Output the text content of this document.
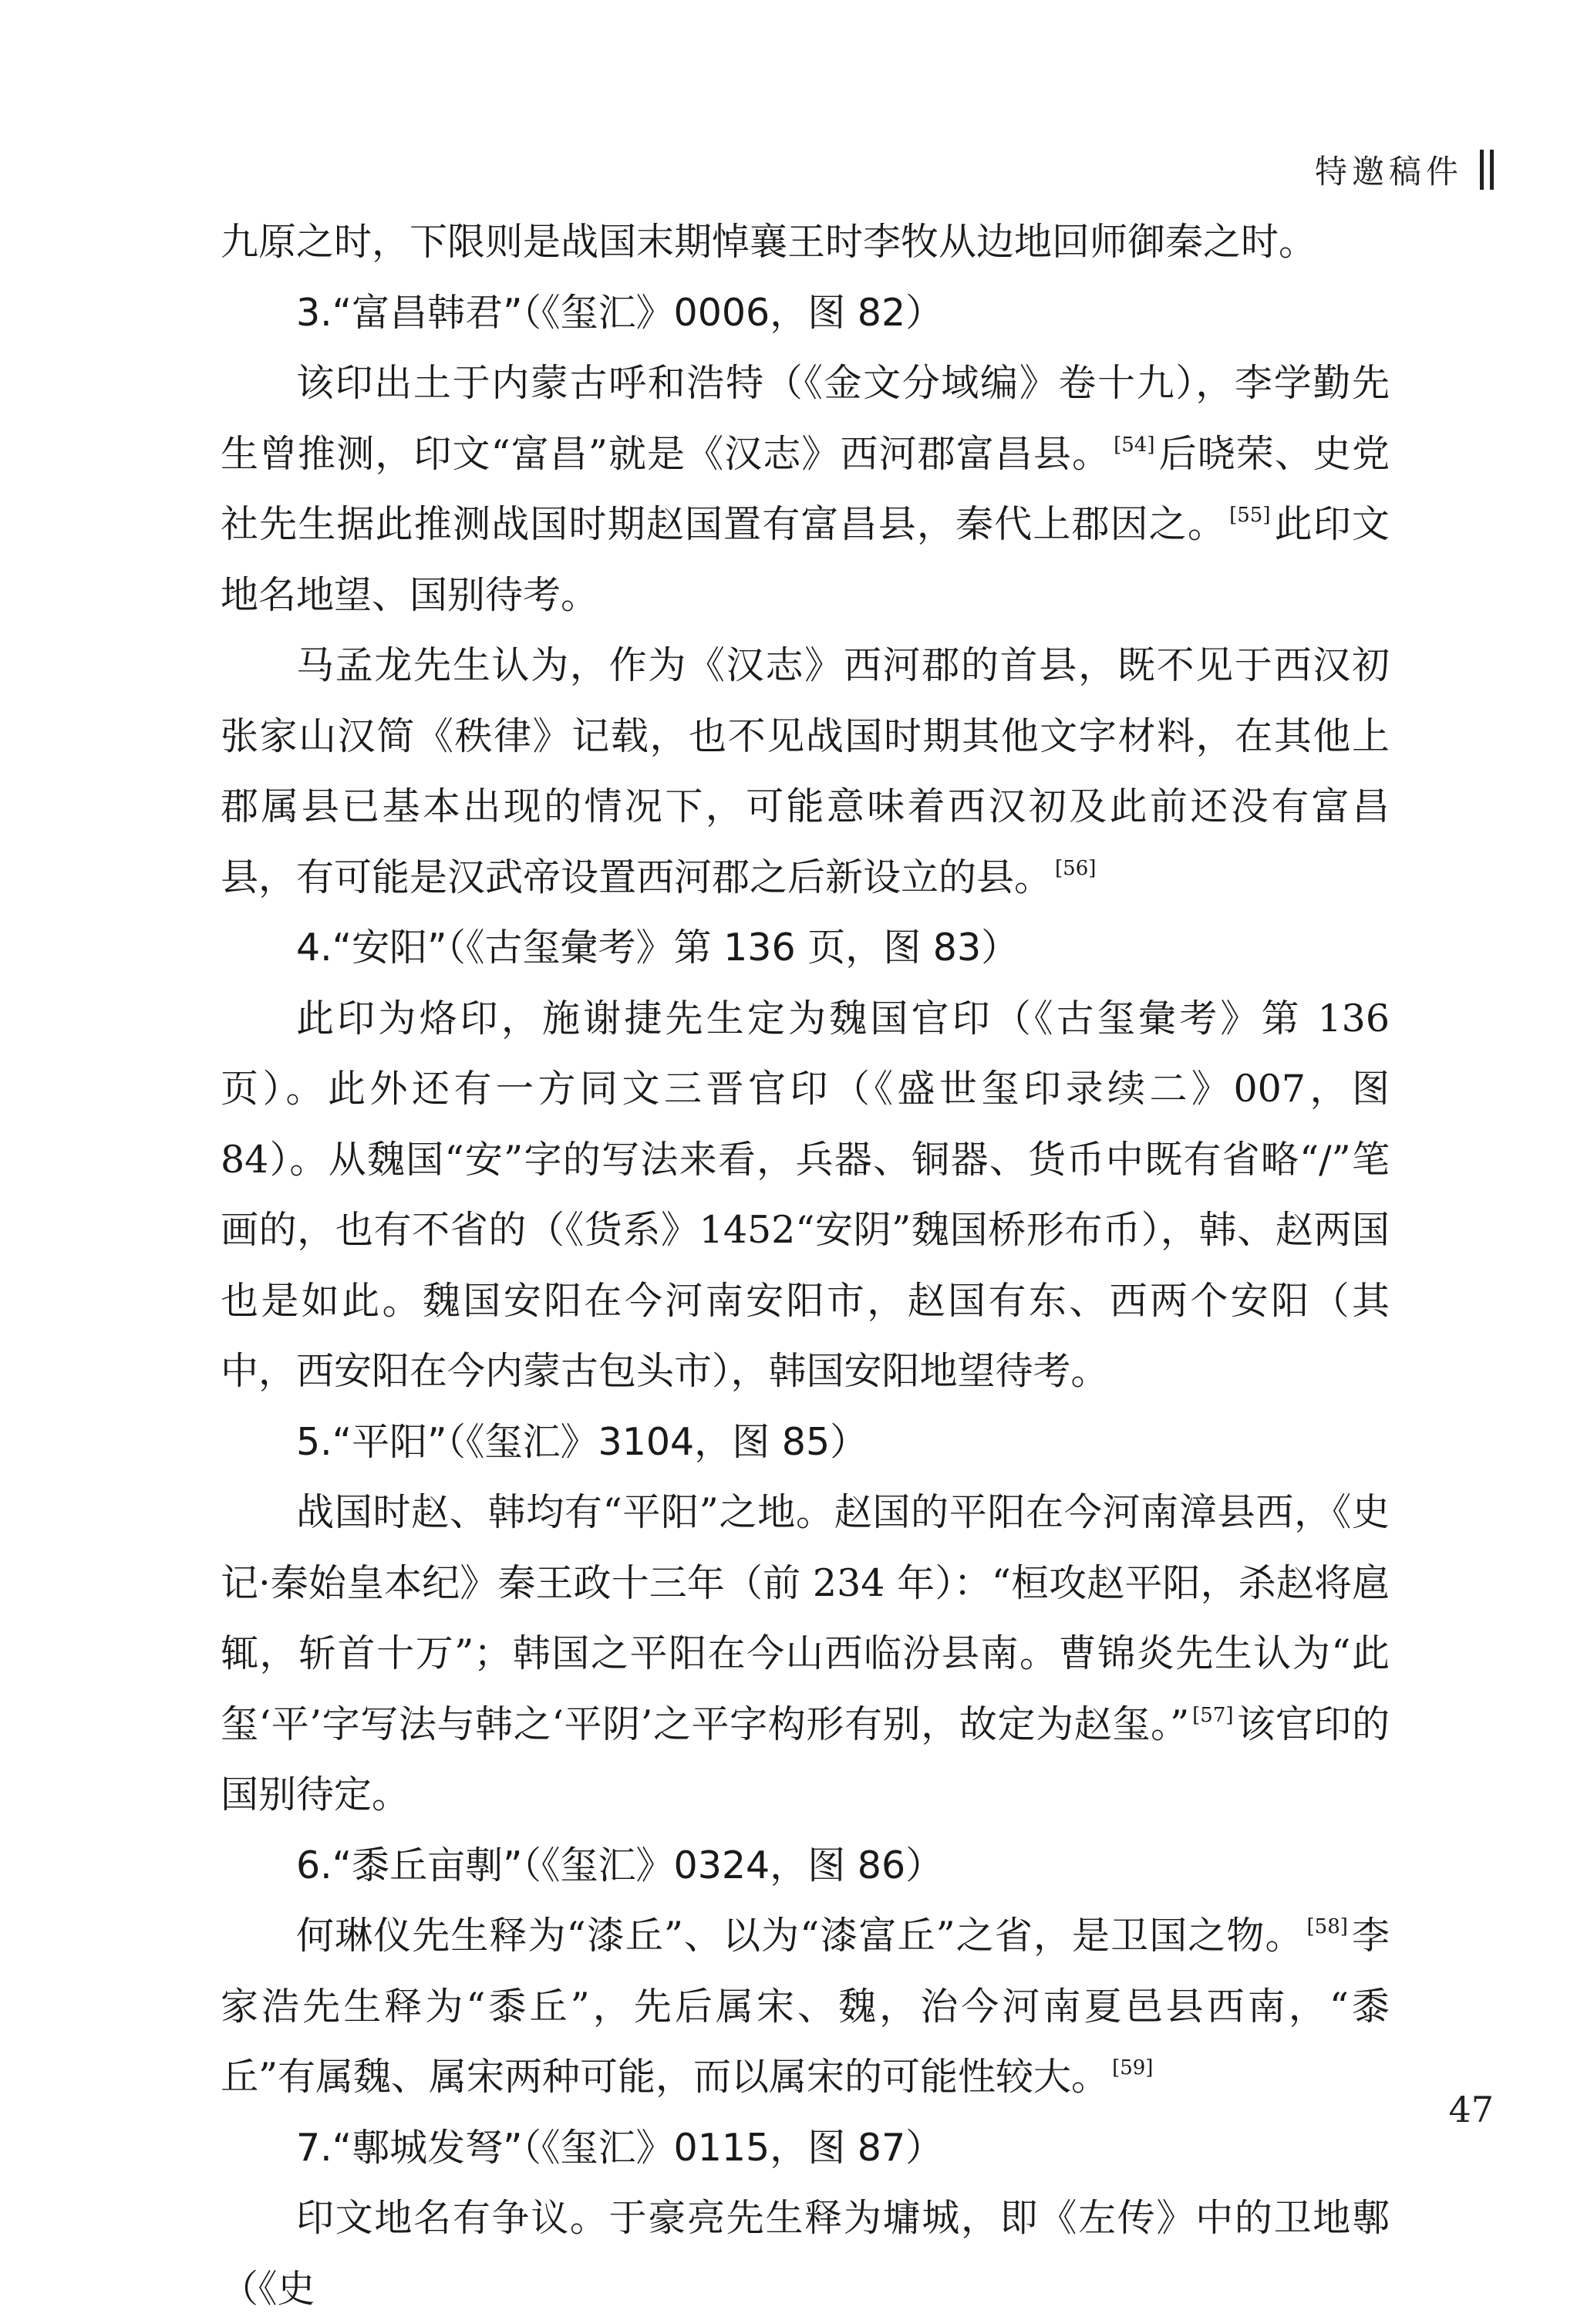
特邀稿件

九原之时，下限则是战国末期悼襄王时李牧从边地回师御秦之时。

3.“富昌韩君”（《玺汇》0006，图 82）

该印出土于内蒙古呼和浩特（《金文分域编》卷十九），李学勤先生曾推测，印文“富昌”就是《汉志》西河郡富昌县。 [54]后晓荣、史党社先生据此推测战国时期赵国置有富昌县，秦代上郡因之。 [55]此印文地名地望、国别待考。

马孟龙先生认为，作为《汉志》西河郡的首县，既不见于西汉初张家山汉简《秩律》记载，也不见战国时期其他文字材料，在其他上郡属县已基本出现的情况下，可能意味着西汉初及此前还没有富昌县，有可能是汉武帝设置西河郡之后新设立的县。 [56]

4.“安阳”（《古玺彙考》第 136 页，图 83）

此印为烙印，施谢捷先生定为魏国官印（《古玺彙考》第 136 页）。此外还有一方同文三晋官印（《盛世玺印录续二》007，图 84）。从魏国“安”字的写法来看，兵器、铜器、货币中既有省略“/”笔画的，也有不省的（《货系》1452“安阴”魏国桥形布币），韩、赵两国也是如此。魏国安阳在今河南安阳市，赵国有东、西两个安阳（其中，西安阳在今内蒙古包头市），韩国安阳地望待考。

5.“平阳”（《玺汇》3104，图 85）

战国时赵、韩均有“平阳”之地。赵国的平阳在今河南漳县西，《史记·秦始皇本纪》秦王政十三年（前 234 年）：“桓攻赵平阳，杀赵将扈辄，斩首十万”；韩国之平阳在今山西临汾县南。曹锦炎先生认为“此玺‘平’字写法与韩之‘平阴’之平字构形有别，故定为赵玺。” [57]该官印的国别待定。

6.“黍丘亩剸”（《玺汇》0324，图 86）

何琳仪先生释为“漆丘”、以为“漆富丘”之省，是卫国之物。 [58]李家浩先生释为“黍丘”，先后属宋、魏，治今河南夏邑县西南，“黍丘”有属魏、属宋两种可能，而以属宋的可能性较大。 [59]

7.“鄟城发弩”（《玺汇》0115，图 87）

印文地名有争议。于豪亮先生释为墉城，即《左传》中的卫地鄟（《史

47
